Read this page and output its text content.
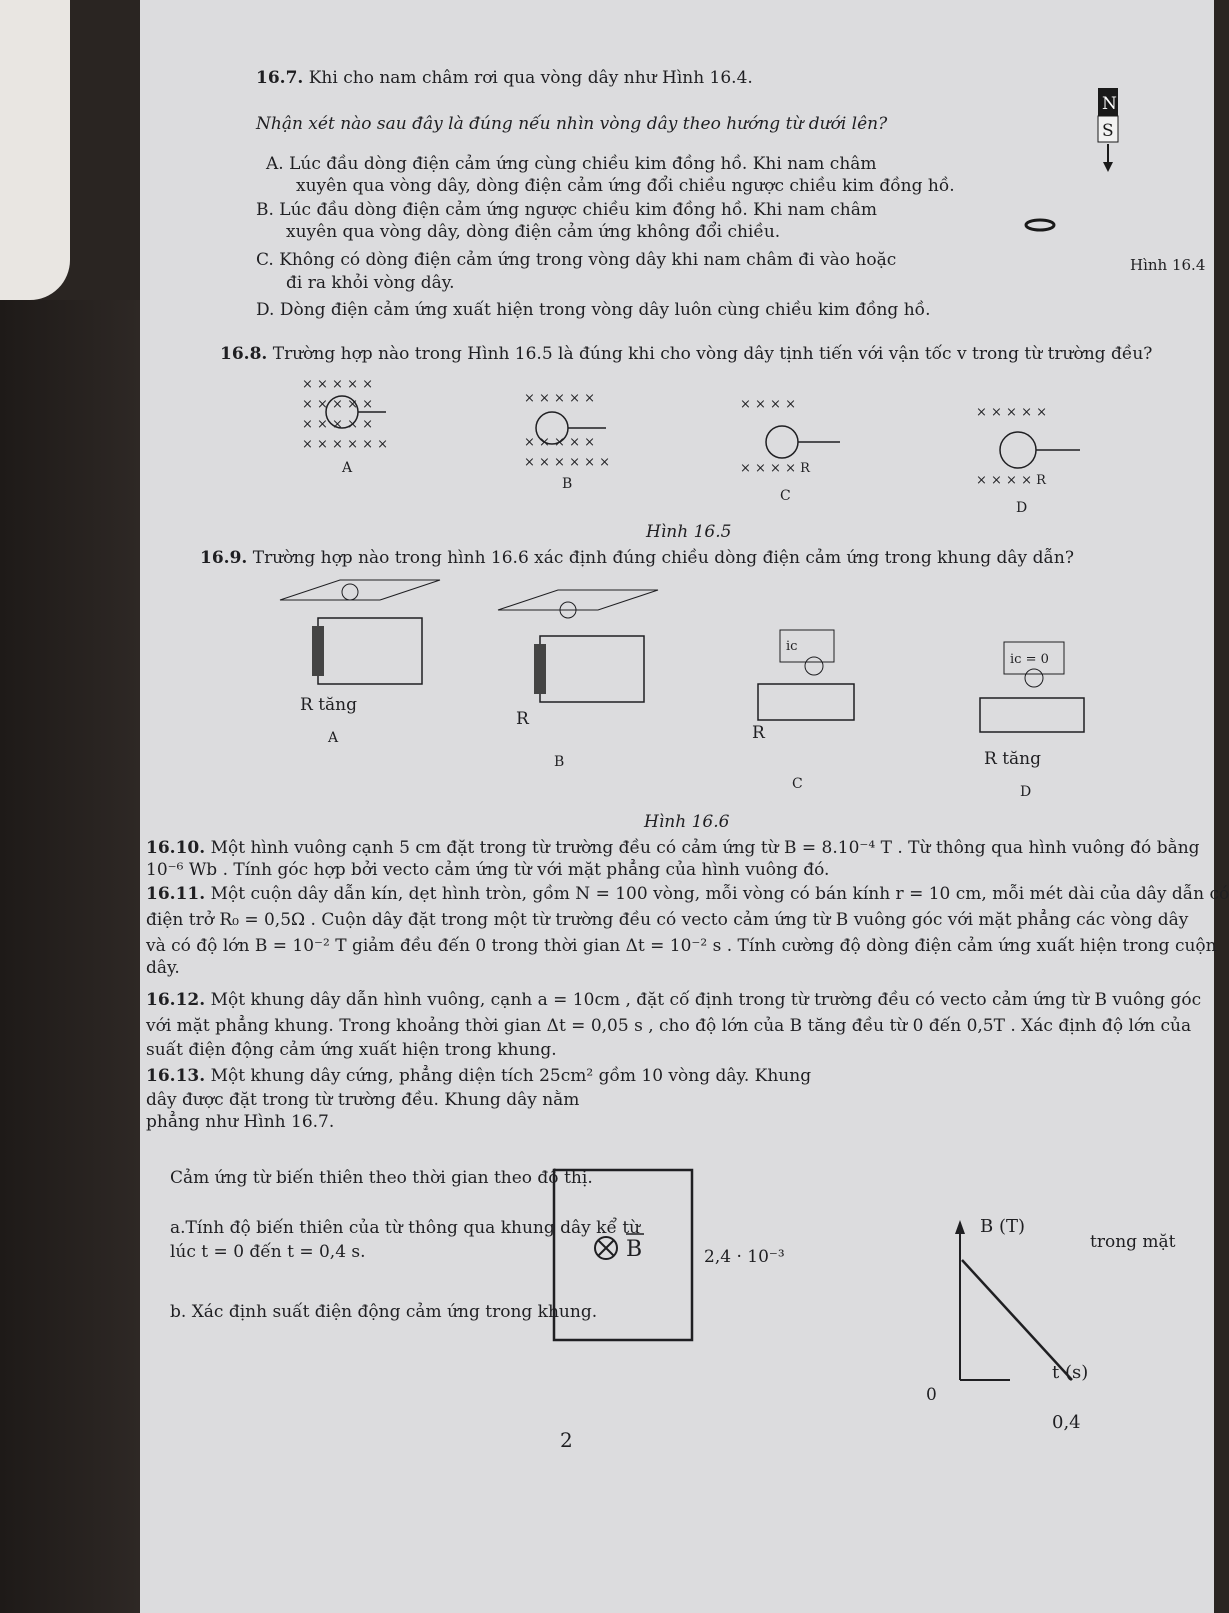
16.7. Khi cho nam châm rơi qua vòng dây như Hình 16.4.
Nhận xét nào sau đây là đúng nếu nhìn vòng dây theo hướng từ dưới lên?
A. Lúc đầu dòng điện cảm ứng cùng chiều kim đồng hồ. Khi nam châm
xuyên qua vòng dây, dòng điện cảm ứng đổi chiều ngược chiều kim đồng hồ.
B. Lúc đầu dòng điện cảm ứng ngược chiều kim đồng hồ. Khi nam châm
xuyên qua vòng dây, dòng điện cảm ứng không đổi chiều.
C. Không có dòng điện cảm ứng trong vòng dây khi nam châm đi vào hoặc
đi ra khỏi vòng dây.
D. Dòng điện cảm ứng xuất hiện trong vòng dây luôn cùng chiều kim đồng hồ.
N
S
Hình 16.4
16.8. Trường hợp nào trong Hình 16.5 là đúng khi cho vòng dây tịnh tiến với vận tốc v trong từ trường đều?
× × × × ×
× × × × ×
× × × × ×
× × × × × ×
A
× × × × ×
× × × × ×
× × × × × ×
B
× × × ×
× × × × R
C
× × × × ×
× × × × R
D
Hình 16.5
16.9. Trường hợp nào trong hình 16.6 xác định đúng chiều dòng điện cảm ứng trong khung dây dẫn?
R tăng
A
R
B
iᴄ
R
C
iᴄ = 0
R tăng
D
Hình 16.6
16.10. Một hình vuông cạnh 5 cm đặt trong từ trường đều có cảm ứng từ B = 8.10⁻⁴ T . Từ thông qua hình vuông đó bằng
10⁻⁶ Wb . Tính góc hợp bởi vecto cảm ứng từ với mặt phẳng của hình vuông đó.
16.11. Một cuộn dây dẫn kín, dẹt hình tròn, gồm N = 100 vòng, mỗi vòng có bán kính r = 10 cm, mỗi mét dài của dây dẫn có
điện trở R₀ = 0,5Ω . Cuộn dây đặt trong một từ trường đều có vecto cảm ứng từ B vuông góc với mặt phẳng các vòng dây
và có độ lớn B = 10⁻² T giảm đều đến 0 trong thời gian Δt = 10⁻² s . Tính cường độ dòng điện cảm ứng xuất hiện trong cuộn
dây.
16.12. Một khung dây dẫn hình vuông, cạnh a = 10cm , đặt cố định trong từ trường đều có vecto cảm ứng từ B vuông góc
với mặt phẳng khung. Trong khoảng thời gian Δt = 0,05 s , cho độ lớn của B tăng đều từ 0 đến 0,5T . Xác định độ lớn của
suất điện động cảm ứng xuất hiện trong khung.
16.13. Một khung dây cứng, phẳng diện tích 25cm² gồm 10 vòng dây. Khung
dây được đặt trong từ trường đều. Khung dây nằm
trong mặt
phẳng như Hình 16.7.
Cảm ứng từ biến thiên theo thời gian theo đồ thị.
a.Tính độ biến thiên của từ thông qua khung dây kể từ
lúc t = 0 đến t = 0,4 s.
b. Xác định suất điện động cảm ứng trong khung.
B
B (T)
2,4 · 10⁻³
0
t (s)
0,4
2
